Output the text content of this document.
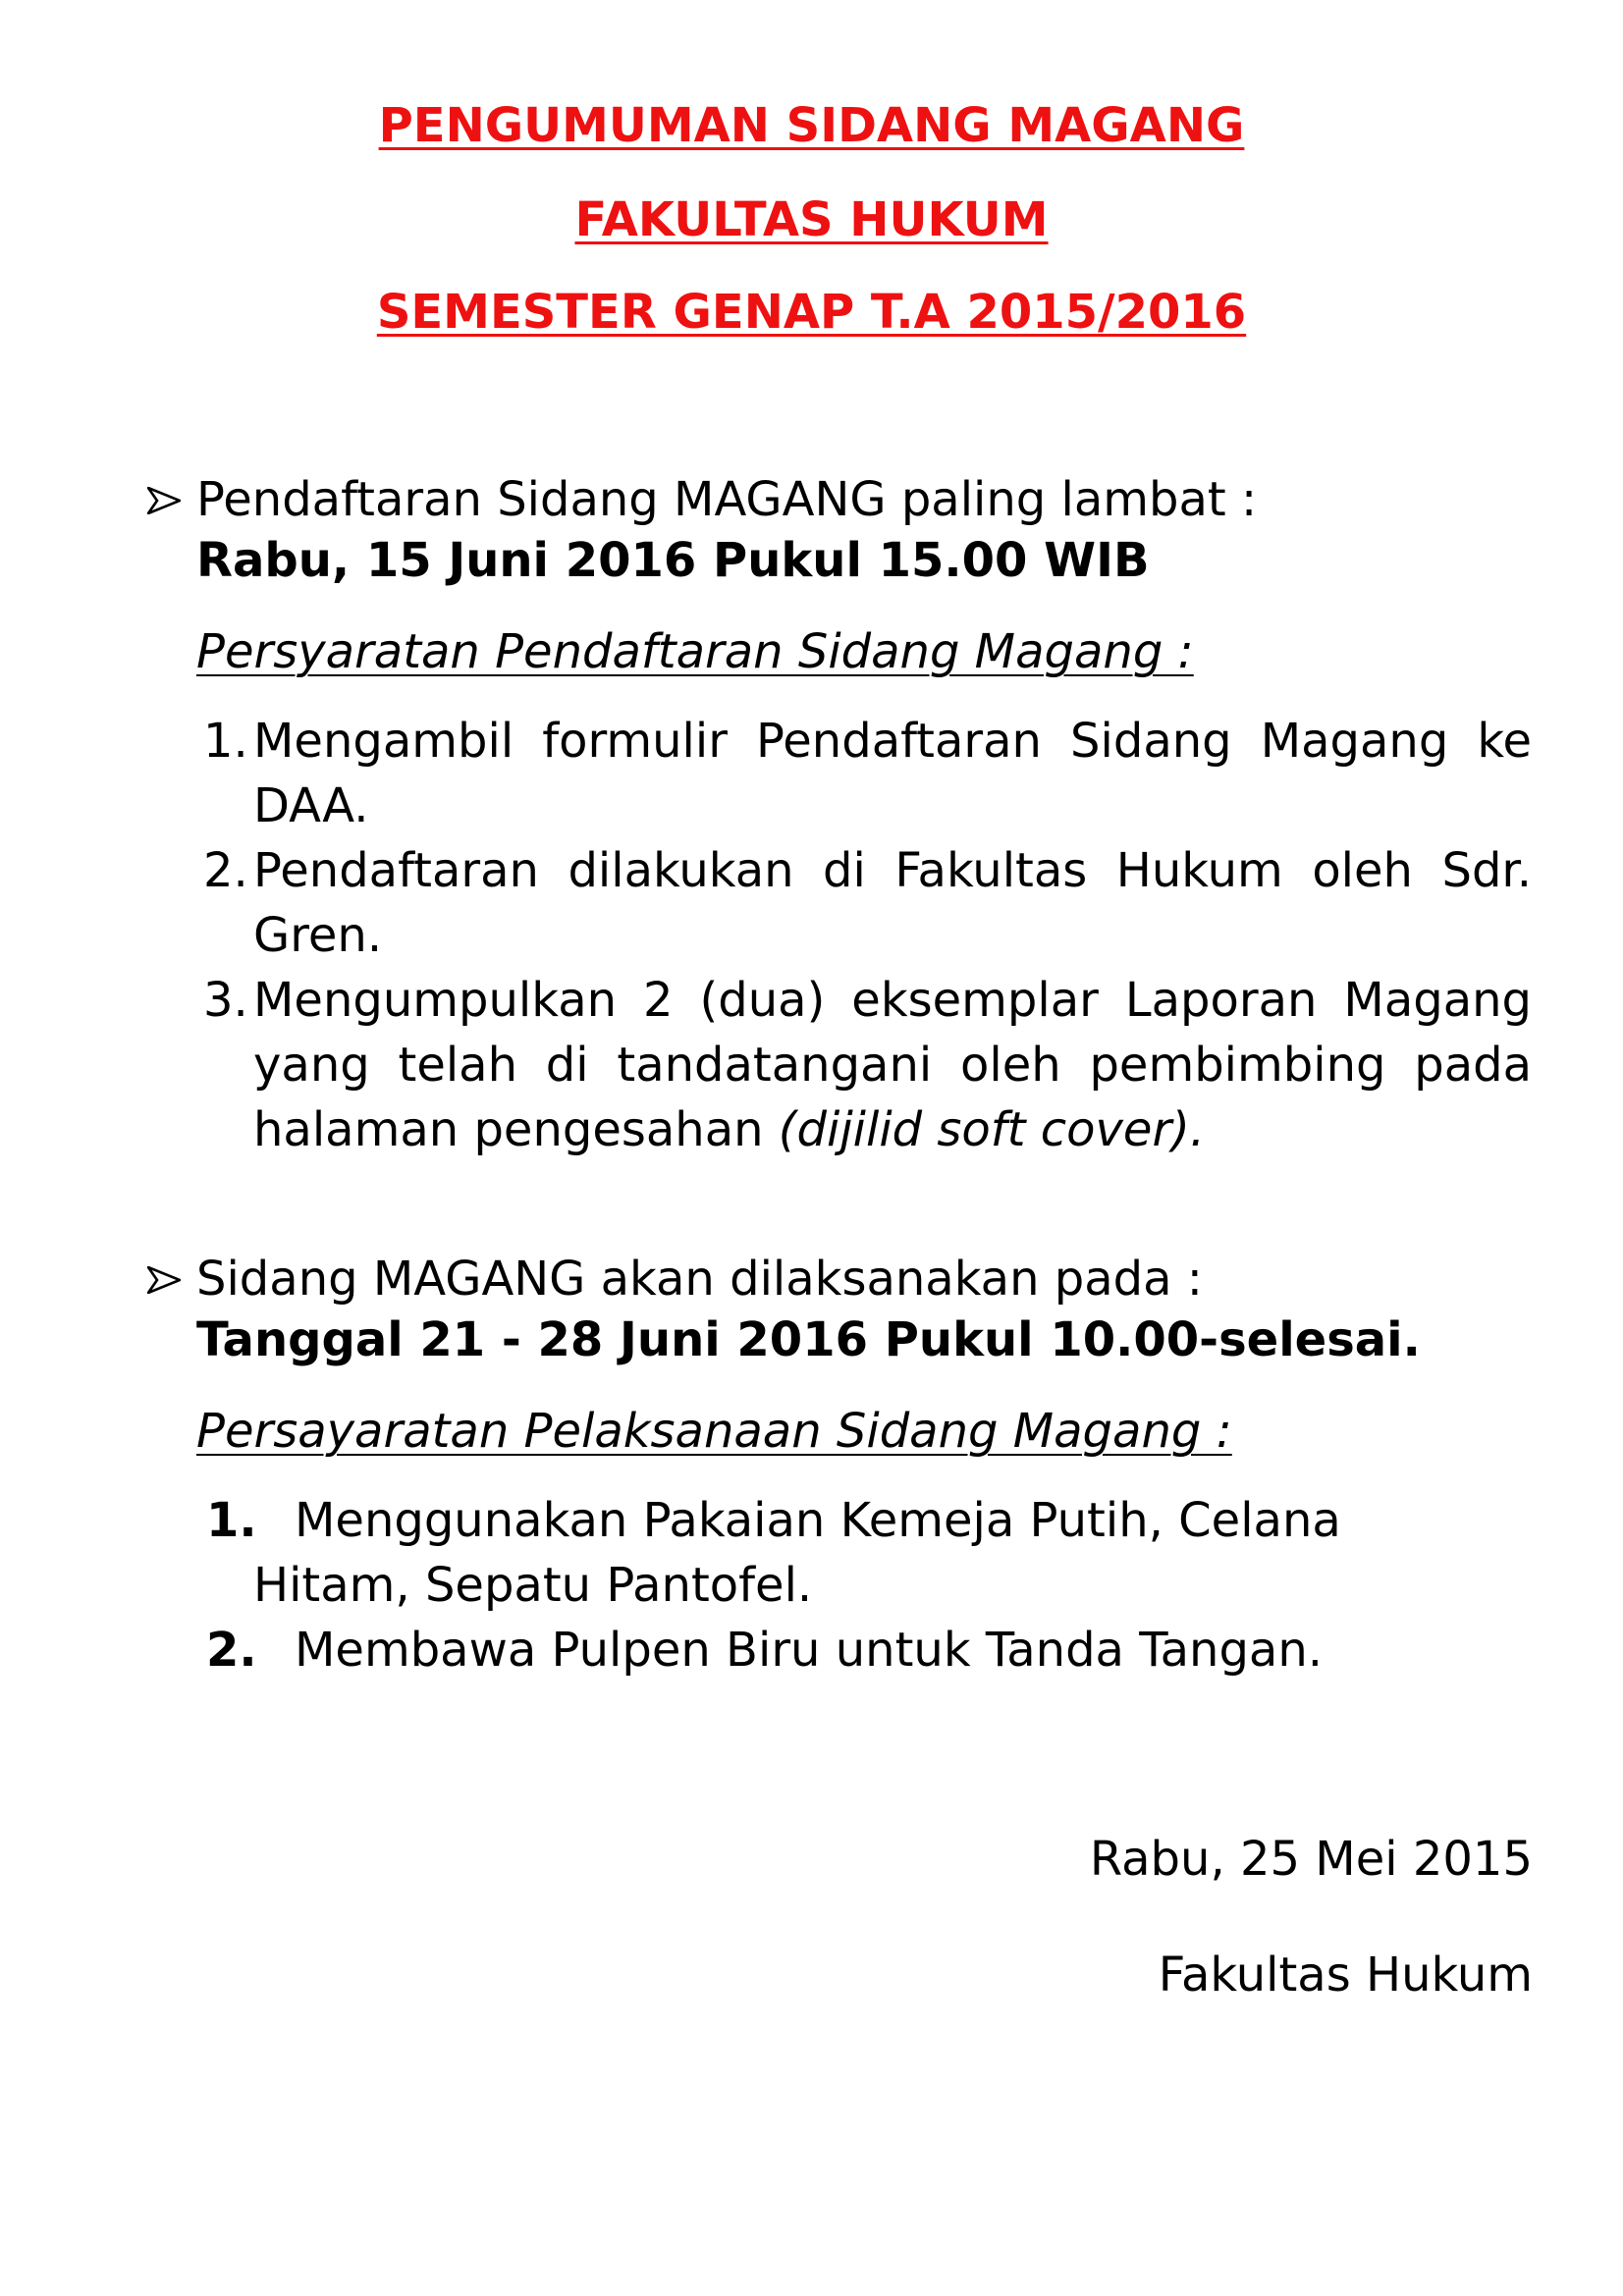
PENGUMUMAN SIDANG MAGANG
FAKULTAS HUKUM
SEMESTER GENAP T.A 2015/2016
Pendaftaran Sidang MAGANG paling lambat :
Rabu, 15 Juni 2016 Pukul 15.00 WIB
Persyaratan Pendaftaran Sidang Magang :
1. Mengambil formulir Pendaftaran Sidang Magang ke DAA.
2. Pendaftaran dilakukan di Fakultas Hukum oleh Sdr. Gren.
3. Mengumpulkan 2 (dua) eksemplar Laporan Magang yang telah di tandatangani oleh pembimbing pada halaman pengesahan (dijilid soft cover).
Sidang MAGANG akan dilaksanakan pada :
Tanggal 21 - 28 Juni 2016 Pukul 10.00-selesai.
Persayaratan Pelaksanaan Sidang Magang :
1. Menggunakan Pakaian Kemeja Putih, Celana Hitam, Sepatu Pantofel.
2. Membawa Pulpen Biru untuk Tanda Tangan.
Rabu, 25 Mei 2015
Fakultas Hukum
